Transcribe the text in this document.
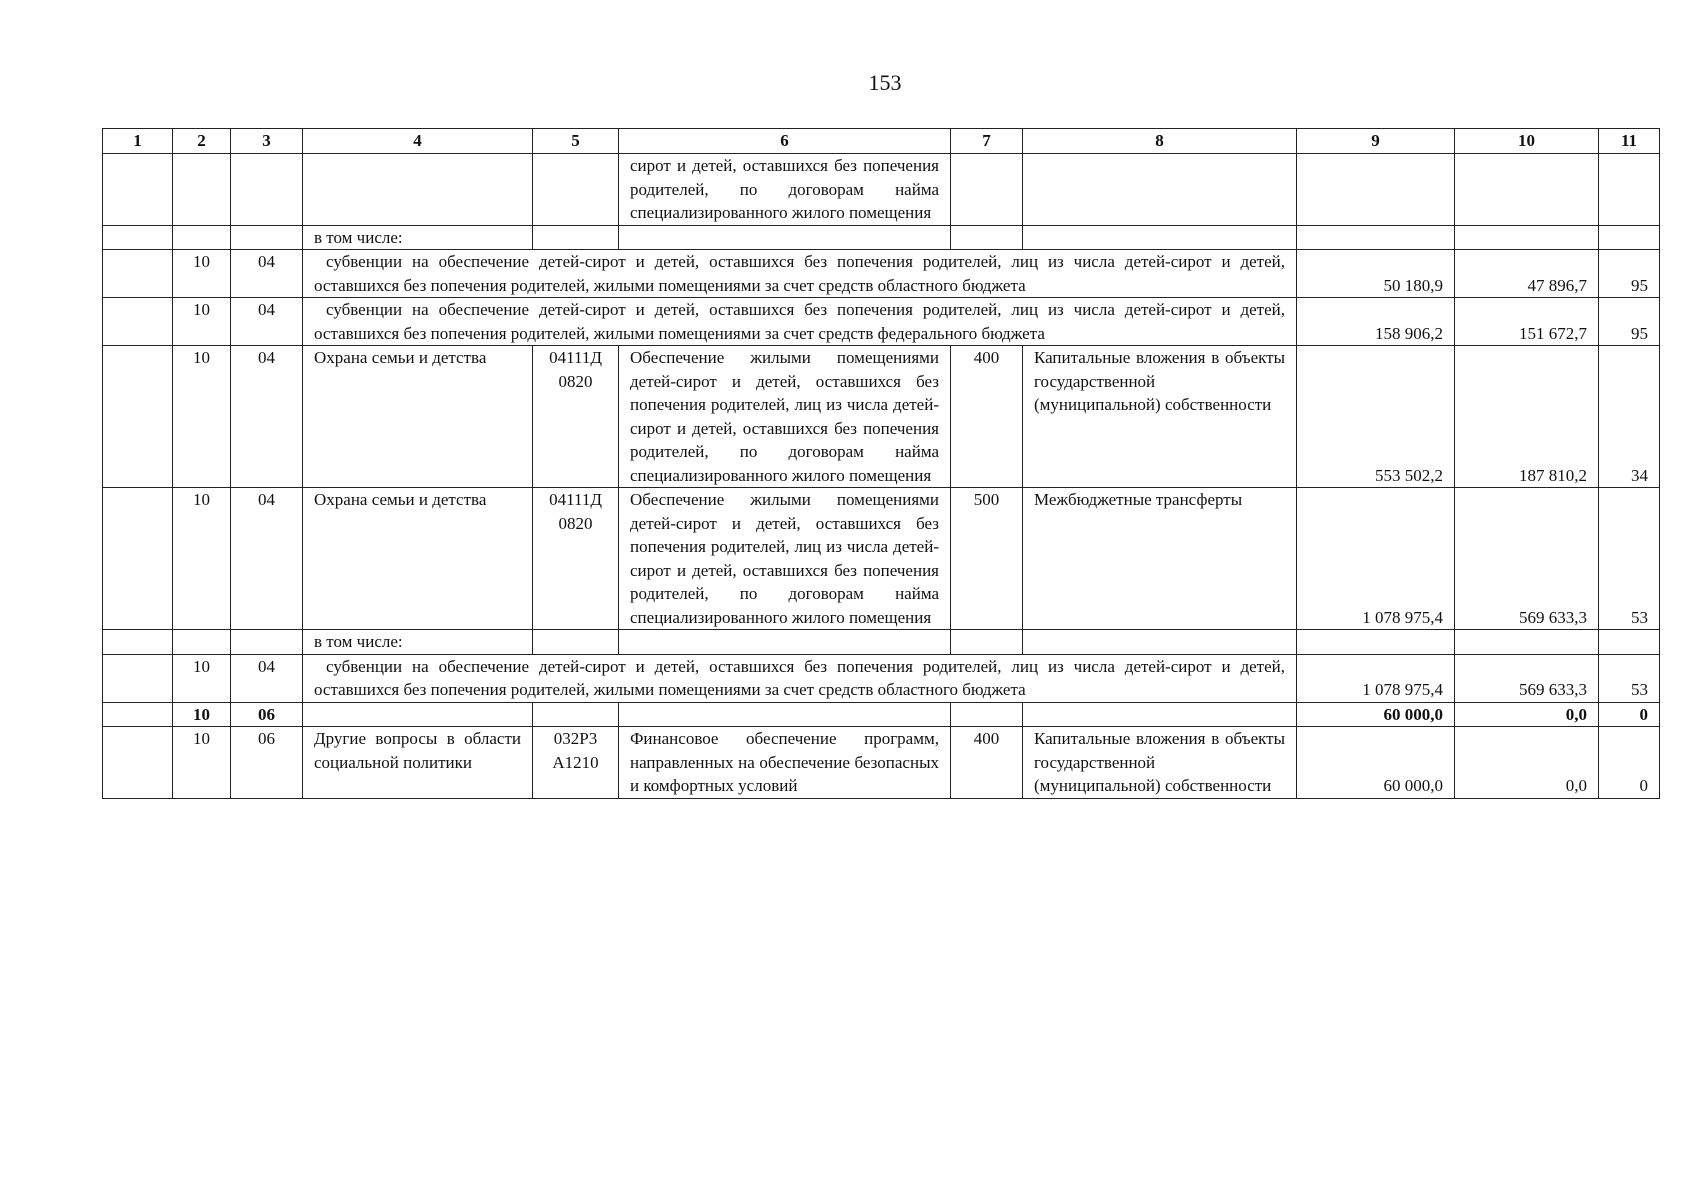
153
1	2	3	4	5	6	7	8	9	10	11
					сирот и детей, оставшихся без попечения родителей, по договорам найма специализированного жилого помещения					
			в том числе:							
	10	04	субвенции на обеспечение детей-сирот и детей, оставшихся без попечения родителей, лиц из числа детей-сирот и детей, оставшихся без попечения родителей, жилыми помещениями за счет средств областного бюджета					50 180,9	47 896,7	95
	10	04	субвенции на обеспечение детей-сирот и детей, оставшихся без попечения родителей, лиц из числа детей-сирот и детей, оставшихся без попечения родителей, жилыми помещениями за счет средств федерального бюджета					158 906,2	151 672,7	95
	10	04	Охрана семьи и детства	04111Д 0820	Обеспечение жилыми помещениями детей-сирот и детей, оставшихся без попечения родителей, лиц из числа детей-сирот и детей, оставшихся без попечения родителей, по договорам найма специализированного жилого помещения	400	Капитальные вложения в объекты государственной (муниципальной) собственности	553 502,2	187 810,2	34
	10	04	Охрана семьи и детства	04111Д 0820	Обеспечение жилыми помещениями детей-сирот и детей, оставшихся без попечения родителей, лиц из числа детей-сирот и детей, оставшихся без попечения родителей, по договорам найма специализированного жилого помещения	500	Межбюджетные трансферты	1 078 975,4	569 633,3	53
			в том числе:							
	10	04	субвенции на обеспечение детей-сирот и детей, оставшихся без попечения родителей, лиц из числа детей-сирот и детей, оставшихся без попечения родителей, жилыми помещениями за счет средств областного бюджета					1 078 975,4	569 633,3	53
	10	06						60 000,0	0,0	0
	10	06	Другие вопросы в области социальной политики	032Р3 А1210	Финансовое обеспечение программ, направленных на обеспечение безопасных и комфортных условий	400	Капитальные вложения в объекты государственной (муниципальной) собственности	60 000,0	0,0	0
